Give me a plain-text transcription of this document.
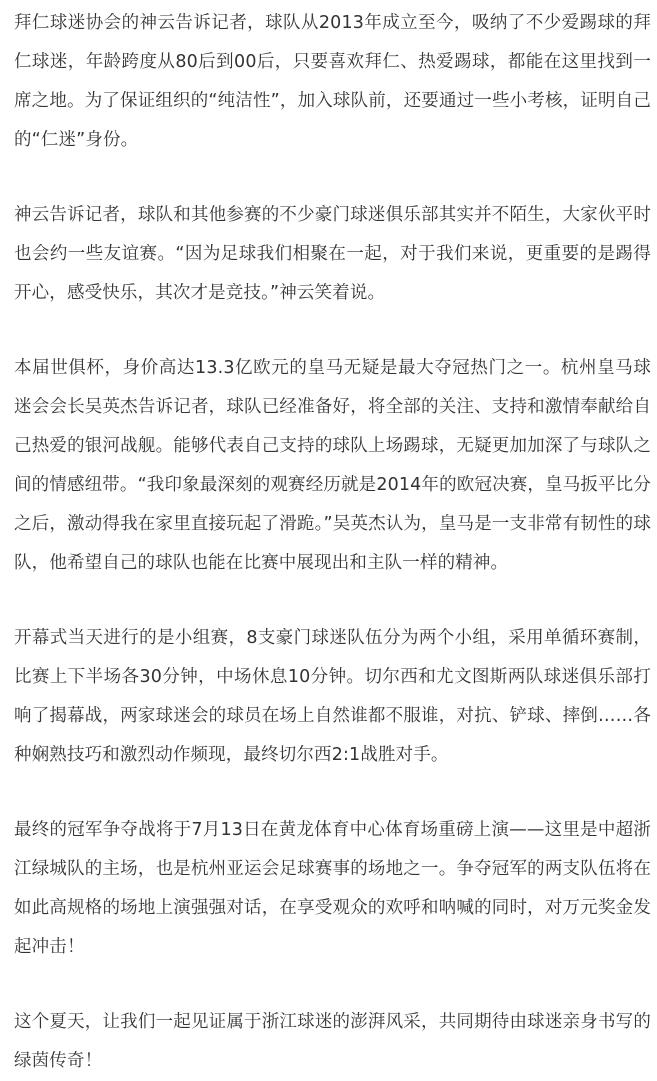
拜仁球迷协会的神云告诉记者，球队从2013年成立至今，吸纳了不少爱踢球的拜仁球迷，年龄跨度从80后到00后，只要喜欢拜仁、热爱踢球，都能在这里找到一席之地。为了保证组织的“纯洁性”，加入球队前，还要通过一些小考核，证明自己的“仁迷”身份。

神云告诉记者，球队和其他参赛的不少豪门球迷俱乐部其实并不陌生，大家伙平时也会约一些友谊赛。“因为足球我们相聚在一起，对于我们来说，更重要的是踢得开心，感受快乐，其次才是竞技。”神云笑着说。

本届世俱杯，身价高达13.3亿欧元的皇马无疑是最大夺冠热门之一。杭州皇马球迷会会长吴英杰告诉记者，球队已经准备好，将全部的关注、支持和激情奉献给自己热爱的银河战舰。能够代表自己支持的球队上场踢球，无疑更加加深了与球队之间的情感纽带。“我印象最深刻的观赛经历就是2014年的欧冠决赛，皇马扳平比分之后，激动得我在家里直接玩起了滑跪。”吴英杰认为，皇马是一支非常有韧性的球队，他希望自己的球队也能在比赛中展现出和主队一样的精神。

开幕式当天进行的是小组赛，8支豪门球迷队伍分为两个小组，采用单循环赛制，比赛上下半场各30分钟，中场休息10分钟。切尔西和尤文图斯两队球迷俱乐部打响了揭幕战，两家球迷会的球员在场上自然谁都不服谁，对抗、铲球、摔倒……各种娴熟技巧和激烈动作频现，最终切尔西2:1战胜对手。

最终的冠军争夺战将于7月13日在黄龙体育中心体育场重磅上演——这里是中超浙江绿城队的主场，也是杭州亚运会足球赛事的场地之一。争夺冠军的两支队伍将在如此高规格的场地上演强强对话，在享受观众的欢呼和呐喊的同时，对万元奖金发起冲击！

这个夏天，让我们一起见证属于浙江球迷的澎湃风采，共同期待由球迷亲身书写的绿茵传奇！
